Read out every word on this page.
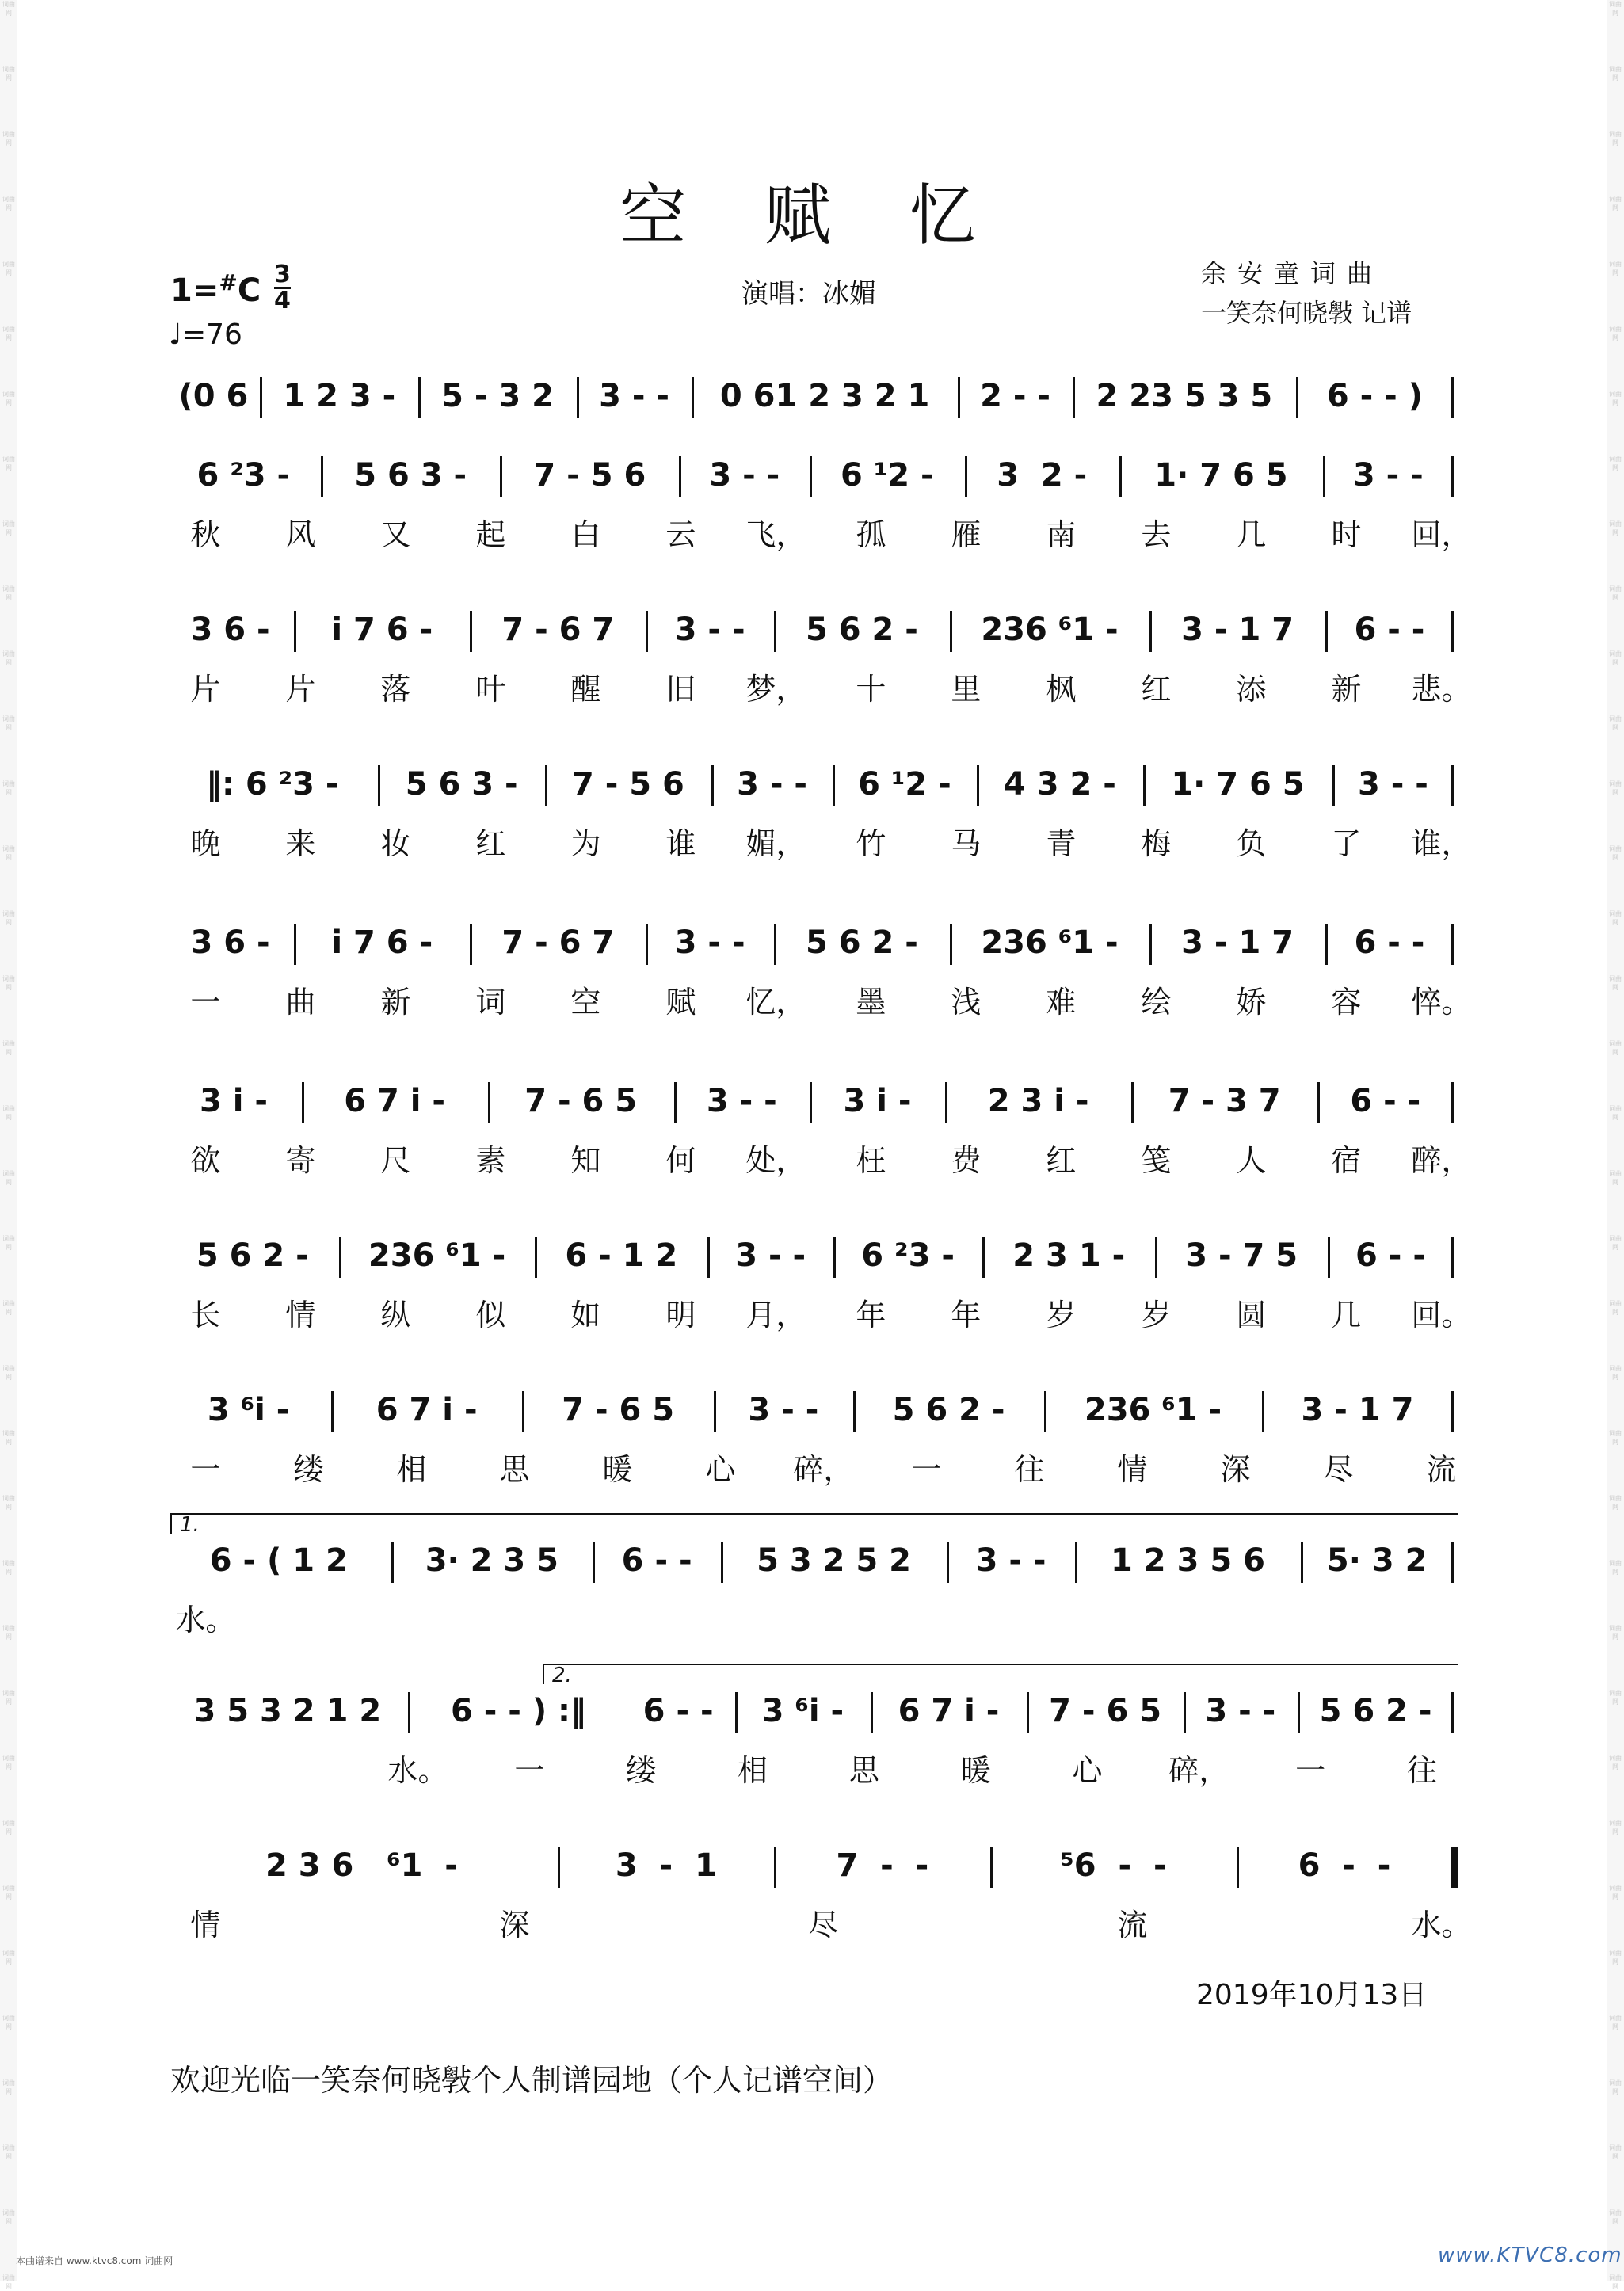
词曲网
词曲网
词曲网
词曲网
词曲网
词曲网
词曲网
词曲网
词曲网
词曲网
词曲网
词曲网
词曲网
词曲网
词曲网
词曲网
词曲网
词曲网
词曲网
词曲网
词曲网
词曲网
词曲网
词曲网
词曲网
词曲网
词曲网
词曲网
词曲网
词曲网
词曲网
词曲网
词曲网
词曲网
词曲网
词曲网
词曲网
词曲网
词曲网
词曲网
词曲网
词曲网
词曲网
词曲网
词曲网
词曲网
词曲网
词曲网
词曲网
词曲网
词曲网
词曲网
词曲网
词曲网
词曲网
词曲网
词曲网
词曲网
词曲网
词曲网
词曲网
词曲网
词曲网
词曲网
词曲网
词曲网
词曲网
词曲网
词曲网
词曲网
词曲网
词曲网
空 赋 忆
1=#C 3
4
♩=76
演唱：冰媚
余安童词曲
一笑奈何晓斅 记谱
(0 6 1 2 3 - 5 - 3 2 3 - - 0 61 2 3 2 1 2 - - 2 23 5 3 5 6 - - )
6 ²3 - 5 6 3 - 7 - 5 6 3 - - 6 ¹2 - 3  2 - 1· 7 6 5 3 - -
秋 风 又 起 白 云 飞， 孤 雁 南 去 几 时 回，
3 6 - i 7 6 - 7 - 6 7 3 - - 5 6 2 - 236 ⁶1 - 3 - 1 7 6 - -
片 片 落 叶 醒 旧 梦， 十 里 枫 红 添 新 悲。
‖: 6 ²3 - 5 6 3 - 7 - 5 6 3 - - 6 ¹2 - 4 3 2 - 1· 7 6 5 3 - -
晚 来 妆 红 为 谁 媚， 竹 马 青 梅 负 了 谁，
3 6 - i 7 6 - 7 - 6 7 3 - - 5 6 2 - 236 ⁶1 - 3 - 1 7 6 - -
一 曲 新 词 空 赋 忆， 墨 浅 难 绘 娇 容 悴。
3 i - 6 7 i -	7 - 6 5 3 - - 3 i - 2 3 i -	7 - 3 7 6 - -
欲 寄 尺 素 知 何 处， 枉 费 红 笺 人 宿 醉，
5 6 2 - 236 ⁶1 - 6 - 1 2 3 - - 6 ²3 - 2 3 1 - 3 - 7 5 6 - -
长 情 纵 似 如 明 月， 年 年 岁 岁 圆 几 回。
3 ⁶i -	6 7 i -	7 - 6 5 3 - - 5 6 2 -	236 ⁶1 -	3 - 1 7
一 缕 相 思 暖 心 碎， 一 往 情 深 尽 流
6 - ( 1 2 3· 2 3 5 6 - - 5 3 2 5 2 3 - - 1 2 3 5 6 5· 3 2
水。
1.
3 5 3 2 1 2 6 - - ) :‖ 6 - - 3 ⁶i - 6 7 i - 7 - 6 5 3 - - 5 6 2 -
水。 一	缕	相	思	暖	心 碎， 一	往
2.
2 3 6   ⁶1  -	3  -  1	7  -  -	⁵6  -  -	6  -  -
情	深	尽	流	水。
2019年10月13日
欢迎光临一笑奈何晓斅个人制谱园地（个人记谱空间）
本曲谱来自 www.ktvc8.com 词曲网	www.KTVC8.com
